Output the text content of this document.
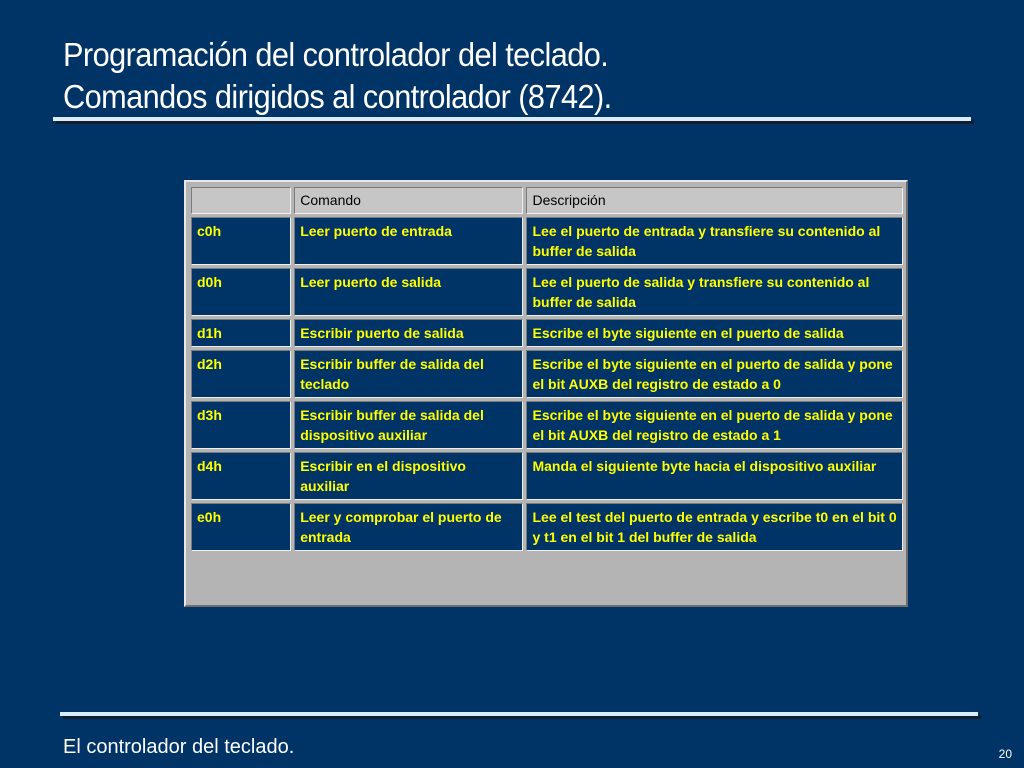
Programación del controlador del teclado.
Comandos dirigidos al controlador (8742).
	Comando	Descripción
c0h	Leer puerto de entrada	Lee el puerto de entrada y transfiere su contenido al buffer de salida
d0h	Leer puerto de salida	Lee el puerto de salida y transfiere su contenido al buffer de salida
d1h	Escribir puerto de salida	Escribe el byte siguiente en el puerto de salida
d2h	Escribir buffer de salida del teclado	Escribe el byte siguiente en el puerto de salida y pone el bit AUXB del registro de estado a 0
d3h	Escribir buffer de salida del dispositivo auxiliar	Escribe el byte siguiente en el puerto de salida y pone el bit AUXB del registro de estado a 1
d4h	Escribir en el dispositivo auxiliar	Manda el siguiente byte hacia el dispositivo auxiliar
e0h	Leer y comprobar el puerto de entrada	Lee el test del puerto de entrada y escribe t0 en el bit 0 y t1 en el bit 1 del buffer de salida
El controlador del teclado.	20
